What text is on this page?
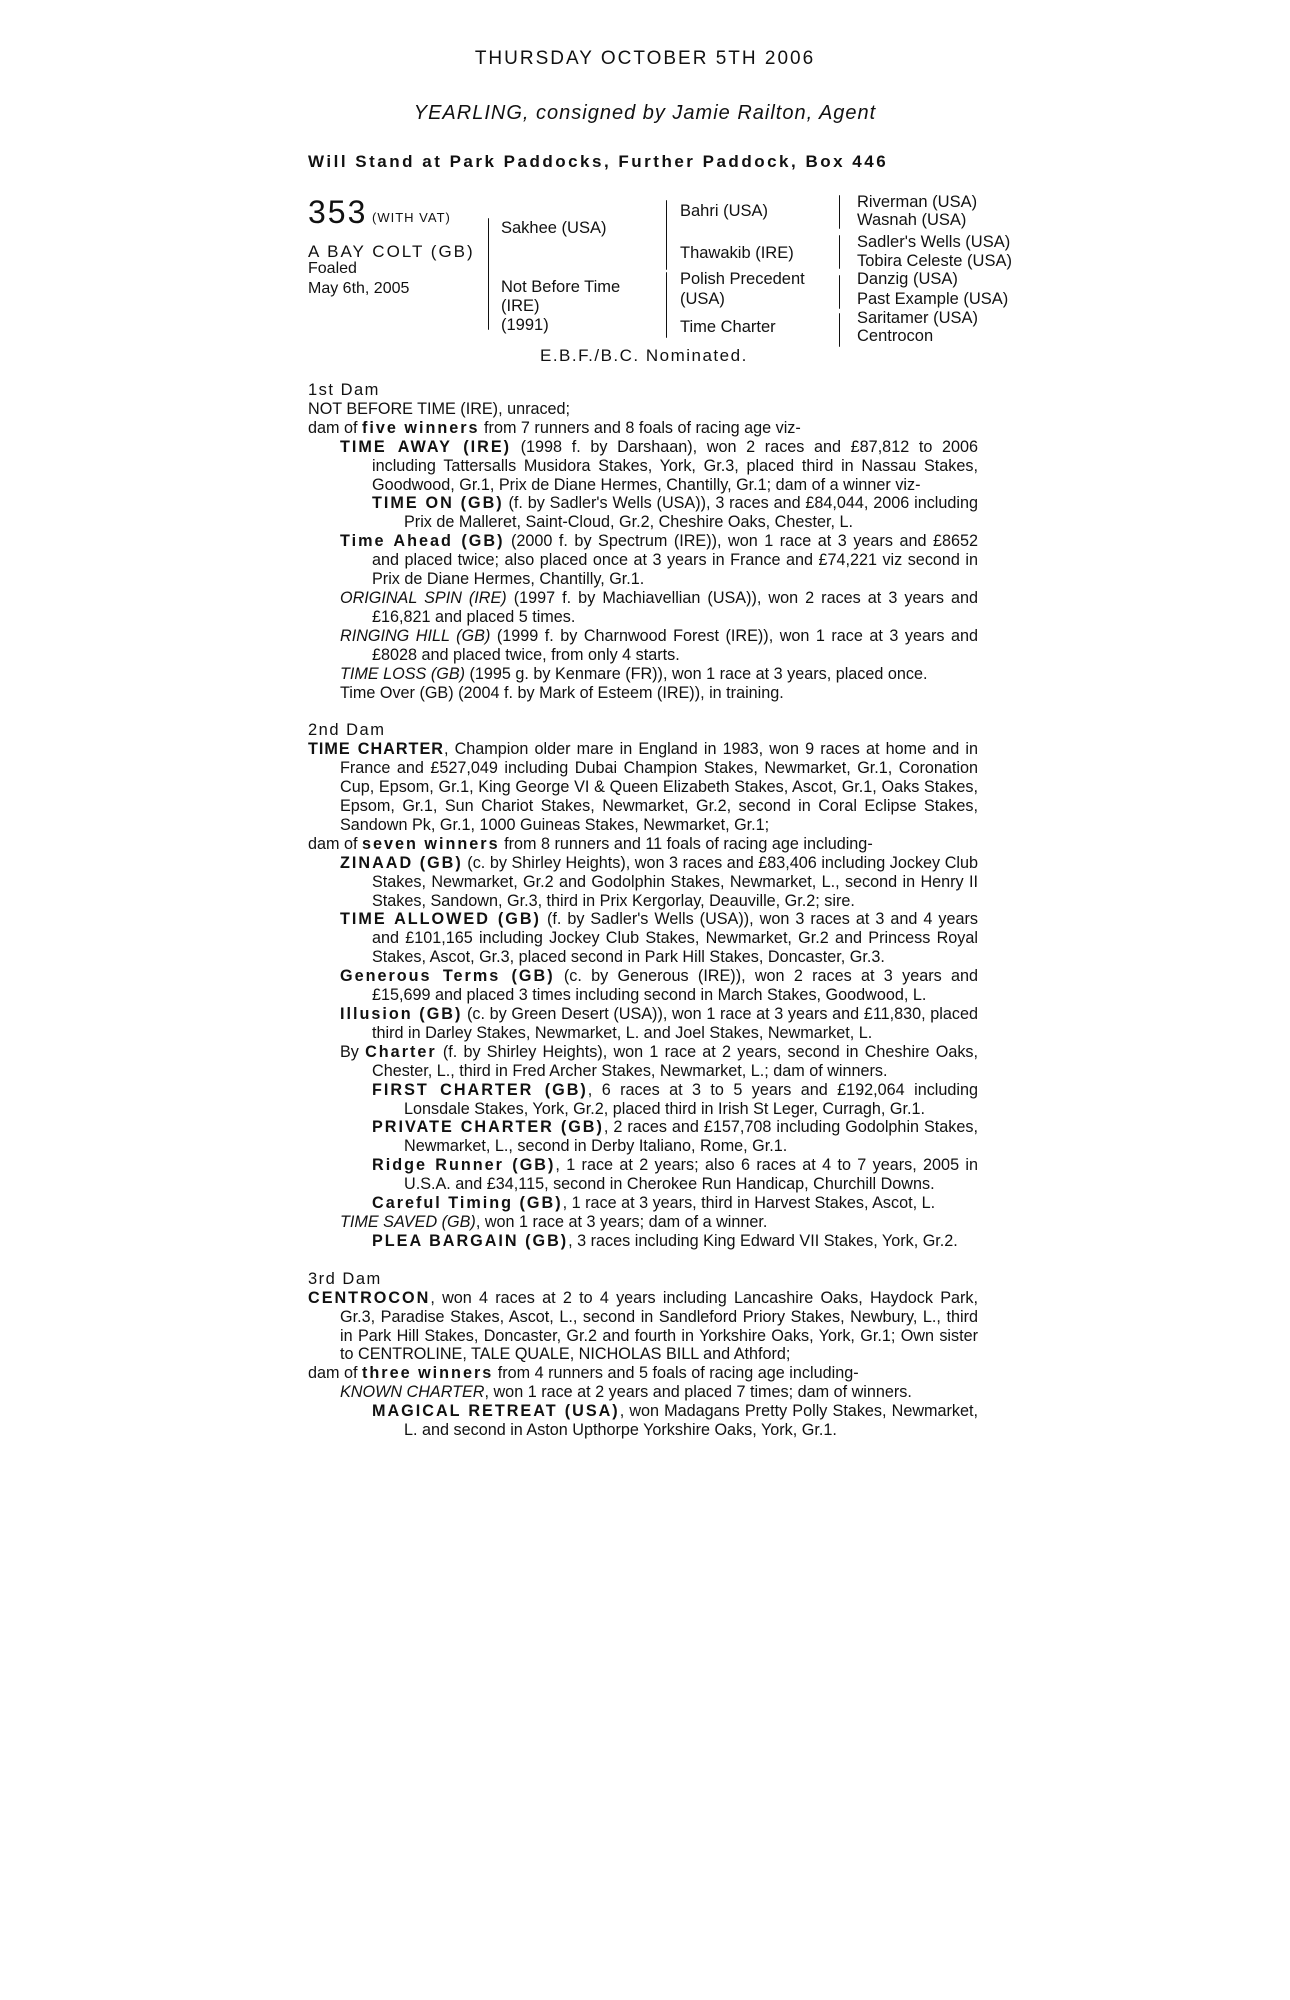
THURSDAY OCTOBER 5TH 2006
YEARLING, consigned by Jamie Railton, Agent
Will Stand at Park Paddocks, Further Paddock, Box 446
353 (WITH VAT)
A BAY COLT (GB)
Foaled
May 6th, 2005
Sakhee (USA)
Not Before Time
(IRE)
(1991)
Bahri (USA)
Thawakib (IRE)
Polish Precedent
(USA)
Time Charter
Riverman (USA)
Wasnah (USA)
Sadler's Wells (USA)
Tobira Celeste (USA)
Danzig (USA)
Past Example (USA)
Saritamer (USA)
Centrocon
E.B.F./B.C. Nominated.

1st Dam

NOT BEFORE TIME (IRE), unraced;

dam of five winners from 7 runners and 8 foals of racing age viz-

TIME AWAY (IRE) (1998 f. by Darshaan), won 2 races and £87,812 to 2006 including Tattersalls Musidora Stakes, York, Gr.3, placed third in Nassau Stakes, Goodwood, Gr.1, Prix de Diane Hermes, Chantilly, Gr.1; dam of a winner viz-

TIME ON (GB) (f. by Sadler's Wells (USA)), 3 races and £84,044, 2006 including Prix de Malleret, Saint-Cloud, Gr.2, Cheshire Oaks, Chester, L.

Time Ahead (GB) (2000 f. by Spectrum (IRE)), won 1 race at 3 years and £8652 and placed twice; also placed once at 3 years in France and £74,221 viz second in Prix de Diane Hermes, Chantilly, Gr.1.

ORIGINAL SPIN (IRE) (1997 f. by Machiavellian (USA)), won 2 races at 3 years and £16,821 and placed 5 times.

RINGING HILL (GB) (1999 f. by Charnwood Forest (IRE)), won 1 race at 3 years and £8028 and placed twice, from only 4 starts.

TIME LOSS (GB) (1995 g. by Kenmare (FR)), won 1 race at 3 years, placed once.

Time Over (GB) (2004 f. by Mark of Esteem (IRE)), in training.

2nd Dam

TIME CHARTER, Champion older mare in England in 1983, won 9 races at home and in France and £527,049 including Dubai Champion Stakes, Newmarket, Gr.1, Coronation Cup, Epsom, Gr.1, King George VI & Queen Elizabeth Stakes, Ascot, Gr.1, Oaks Stakes, Epsom, Gr.1, Sun Chariot Stakes, Newmarket, Gr.2, second in Coral Eclipse Stakes, Sandown Pk, Gr.1, 1000 Guineas Stakes, Newmarket, Gr.1;

dam of seven winners from 8 runners and 11 foals of racing age including-

ZINAAD (GB) (c. by Shirley Heights), won 3 races and £83,406 including Jockey Club Stakes, Newmarket, Gr.2 and Godolphin Stakes, Newmarket, L., second in Henry II Stakes, Sandown, Gr.3, third in Prix Kergorlay, Deauville, Gr.2; sire.

TIME ALLOWED (GB) (f. by Sadler's Wells (USA)), won 3 races at 3 and 4 years and £101,165 including Jockey Club Stakes, Newmarket, Gr.2 and Princess Royal Stakes, Ascot, Gr.3, placed second in Park Hill Stakes, Doncaster, Gr.3.

Generous Terms (GB) (c. by Generous (IRE)), won 2 races at 3 years and £15,699 and placed 3 times including second in March Stakes, Goodwood, L.

Illusion (GB) (c. by Green Desert (USA)), won 1 race at 3 years and £11,830, placed third in Darley Stakes, Newmarket, L. and Joel Stakes, Newmarket, L.

By Charter (f. by Shirley Heights), won 1 race at 2 years, second in Cheshire Oaks, Chester, L., third in Fred Archer Stakes, Newmarket, L.; dam of winners.

FIRST CHARTER (GB), 6 races at 3 to 5 years and £192,064 including Lonsdale Stakes, York, Gr.2, placed third in Irish St Leger, Curragh, Gr.1.

PRIVATE CHARTER (GB), 2 races and £157,708 including Godolphin Stakes, Newmarket, L., second in Derby Italiano, Rome, Gr.1.

Ridge Runner (GB), 1 race at 2 years; also 6 races at 4 to 7 years, 2005 in U.S.A. and £34,115, second in Cherokee Run Handicap, Churchill Downs.

Careful Timing (GB), 1 race at 3 years, third in Harvest Stakes, Ascot, L.

TIME SAVED (GB), won 1 race at 3 years; dam of a winner.

PLEA BARGAIN (GB), 3 races including King Edward VII Stakes, York, Gr.2.

3rd Dam

CENTROCON, won 4 races at 2 to 4 years including Lancashire Oaks, Haydock Park, Gr.3, Paradise Stakes, Ascot, L., second in Sandleford Priory Stakes, Newbury, L., third in Park Hill Stakes, Doncaster, Gr.2 and fourth in Yorkshire Oaks, York, Gr.1; Own sister to CENTROLINE, TALE QUALE, NICHOLAS BILL and Athford;

dam of three winners from 4 runners and 5 foals of racing age including-

KNOWN CHARTER, won 1 race at 2 years and placed 7 times; dam of winners.

MAGICAL RETREAT (USA), won Madagans Pretty Polly Stakes, Newmarket, L. and second in Aston Upthorpe Yorkshire Oaks, York, Gr.1.
